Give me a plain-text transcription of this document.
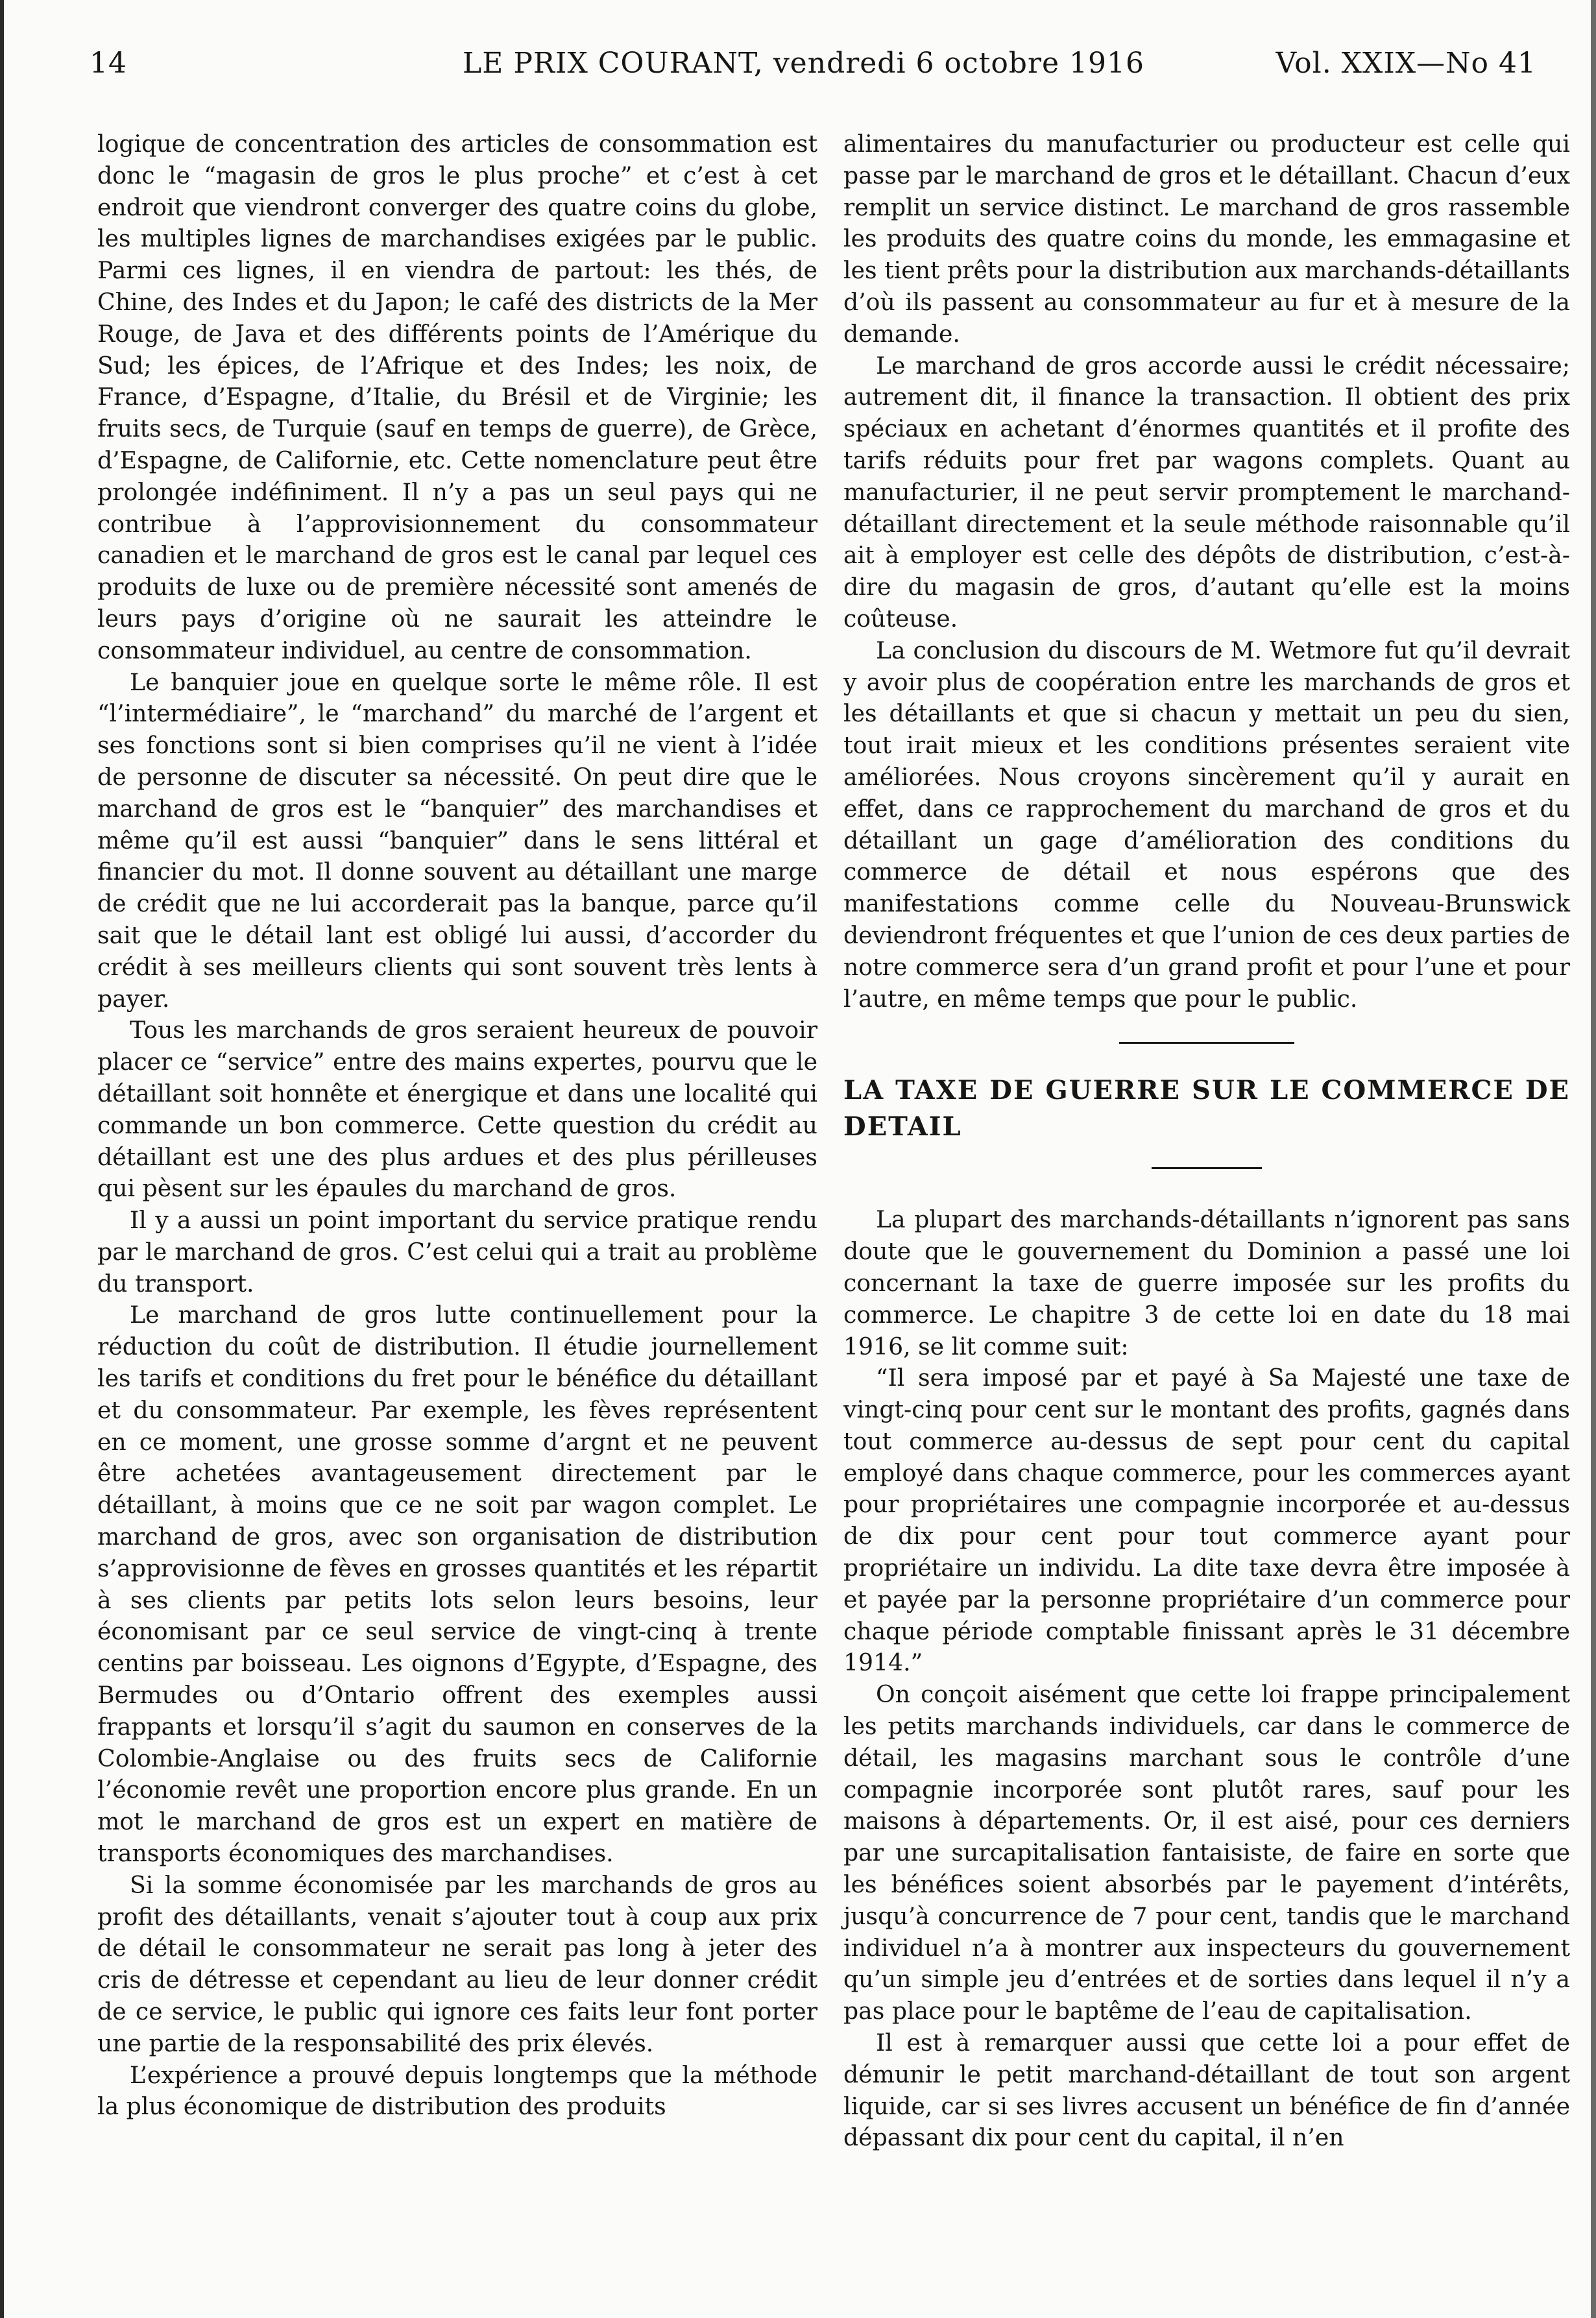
14	LE PRIX COURANT, vendredi 6 octobre 1916	Vol. XXIX—No 41

logique de concentration des articles de consommation est donc le “magasin de gros le plus proche” et c’est à cet endroit que viendront converger des quatre coins du globe, les multiples lignes de marchandises exigées par le public. Parmi ces lignes, il en viendra de partout: les thés, de Chine, des Indes et du Japon; le café des districts de la Mer Rouge, de Java et des différents points de l’Amérique du Sud; les épices, de l’Afrique et des Indes; les noix, de France, d’Espagne, d’Italie, du Brésil et de Virginie; les fruits secs, de Turquie (sauf en temps de guerre), de Grèce, d’Espagne, de Californie, etc. Cette nomenclature peut être prolongée indéfiniment. Il n’y a pas un seul pays qui ne contribue à l’approvisionnement du consommateur canadien et le marchand de gros est le canal par lequel ces produits de luxe ou de première nécessité sont amenés de leurs pays d’origine où ne saurait les atteindre le consommateur individuel, au centre de consommation.

Le banquier joue en quelque sorte le même rôle. Il est “l’intermédiaire”, le “marchand” du marché de l’argent et ses fonctions sont si bien comprises qu’il ne vient à l’idée de personne de discuter sa nécessité. On peut dire que le marchand de gros est le “banquier” des marchandises et même qu’il est aussi “banquier” dans le sens littéral et financier du mot. Il donne souvent au détaillant une marge de crédit que ne lui accorderait pas la banque, parce qu’il sait que le détail lant est obligé lui aussi, d’accorder du crédit à ses meilleurs clients qui sont souvent très lents à payer.

Tous les marchands de gros seraient heureux de pouvoir placer ce “service” entre des mains expertes, pourvu que le détaillant soit honnête et énergique et dans une localité qui commande un bon commerce. Cette question du crédit au détaillant est une des plus ardues et des plus périlleuses qui pèsent sur les épaules du marchand de gros.

Il y a aussi un point important du service pratique rendu par le marchand de gros. C’est celui qui a trait au problème du transport.

Le marchand de gros lutte continuellement pour la réduction du coût de distribution. Il étudie journellement les tarifs et conditions du fret pour le bénéfice du détaillant et du consommateur. Par exemple, les fèves représentent en ce moment, une grosse somme d’argnt et ne peuvent être achetées avantageusement directement par le détaillant, à moins que ce ne soit par wagon complet. Le marchand de gros, avec son organisation de distribution s’approvisionne de fèves en grosses quantités et les répartit à ses clients par petits lots selon leurs besoins, leur économisant par ce seul service de vingt-cinq à trente centins par boisseau. Les oignons d’Egypte, d’Espagne, des Bermudes ou d’Ontario offrent des exemples aussi frappants et lorsqu’il s’agit du saumon en conserves de la Colombie-Anglaise ou des fruits secs de Californie l’économie revêt une proportion encore plus grande. En un mot le marchand de gros est un expert en matière de transports économiques des marchandises.

Si la somme économisée par les marchands de gros au profit des détaillants, venait s’ajouter tout à coup aux prix de détail le consommateur ne serait pas long à jeter des cris de détresse et cependant au lieu de leur donner crédit de ce service, le public qui ignore ces faits leur font porter une partie de la responsabilité des prix élevés.

L’expérience a prouvé depuis longtemps que la méthode la plus économique de distribution des produits

alimentaires du manufacturier ou producteur est celle qui passe par le marchand de gros et le détaillant. Chacun d’eux remplit un service distinct. Le marchand de gros rassemble les produits des quatre coins du monde, les emmagasine et les tient prêts pour la distribution aux marchands-détaillants d’où ils passent au consommateur au fur et à mesure de la demande.

Le marchand de gros accorde aussi le crédit nécessaire; autrement dit, il finance la transaction. Il obtient des prix spéciaux en achetant d’énormes quantités et il profite des tarifs réduits pour fret par wagons complets. Quant au manufacturier, il ne peut servir promptement le marchand-détaillant directement et la seule méthode raisonnable qu’il ait à employer est celle des dépôts de distribution, c’est-à-dire du magasin de gros, d’autant qu’elle est la moins coûteuse.

La conclusion du discours de M. Wetmore fut qu’il devrait y avoir plus de coopération entre les marchands de gros et les détaillants et que si chacun y mettait un peu du sien, tout irait mieux et les conditions présentes seraient vite améliorées. Nous croyons sincèrement qu’il y aurait en effet, dans ce rapprochement du marchand de gros et du détaillant un gage d’amélioration des conditions du commerce de détail et nous espérons que des manifestations comme celle du Nouveau-Brunswick deviendront fréquentes et que l’union de ces deux parties de notre commerce sera d’un grand profit et pour l’une et pour l’autre, en même temps que pour le public.

LA TAXE DE GUERRE SUR LE COMMERCE DE DETAIL

La plupart des marchands-détaillants n’ignorent pas sans doute que le gouvernement du Dominion a passé une loi concernant la taxe de guerre imposée sur les profits du commerce. Le chapitre 3 de cette loi en date du 18 mai 1916, se lit comme suit:

“Il sera imposé par et payé à Sa Majesté une taxe de vingt-cinq pour cent sur le montant des profits, gagnés dans tout commerce au-dessus de sept pour cent du capital employé dans chaque commerce, pour les commerces ayant pour propriétaires une compagnie incorporée et au-dessus de dix pour cent pour tout commerce ayant pour propriétaire un individu. La dite taxe devra être imposée à et payée par la personne propriétaire d’un commerce pour chaque période comptable finissant après le 31 décembre 1914.”

On conçoit aisément que cette loi frappe principalement les petits marchands individuels, car dans le commerce de détail, les magasins marchant sous le contrôle d’une compagnie incorporée sont plutôt rares, sauf pour les maisons à départements. Or, il est aisé, pour ces derniers par une surcapitalisation fantaisiste, de faire en sorte que les bénéfices soient absorbés par le payement d’intérêts, jusqu’à concurrence de 7 pour cent, tandis que le marchand individuel n’a à montrer aux inspecteurs du gouvernement qu’un simple jeu d’entrées et de sorties dans lequel il n’y a pas place pour le baptême de l’eau de capitalisation.

Il est à remarquer aussi que cette loi a pour effet de démunir le petit marchand-détaillant de tout son argent liquide, car si ses livres accusent un bénéfice de fin d’année dépassant dix pour cent du capital, il n’en
